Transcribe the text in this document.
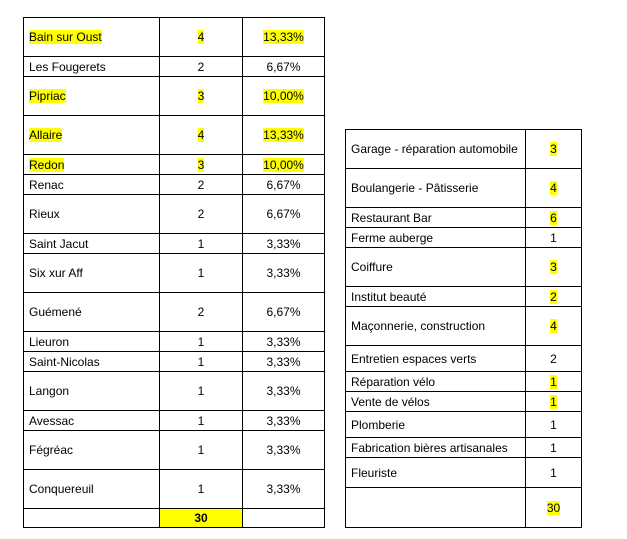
Bain sur Oust	4	13,33%
Les Fougerets	2	6,67%
Pipriac	3	10,00%
Allaire	4	13,33%
Redon	3	10,00%
Renac	2	6,67%
Rieux	2	6,67%
Saint Jacut	1	3,33%
Six xur Aff	1	3,33%
Guémené	2	6,67%
Lieuron	1	3,33%
Saint-Nicolas	1	3,33%
Langon	1	3,33%
Avessac	1	3,33%
Fégréac	1	3,33%
Conquereuil	1	3,33%
	30	
Garage - réparation automobile	3
Boulangerie - Pâtisserie	4
Restaurant Bar	6
Ferme auberge	1
Coiffure	3
Institut beauté	2
Maçonnerie, construction	4
Entretien espaces verts	2
Réparation vélo	1
Vente de vélos	1
Plomberie	1
Fabrication bières artisanales	1
Fleuriste	1
	30
